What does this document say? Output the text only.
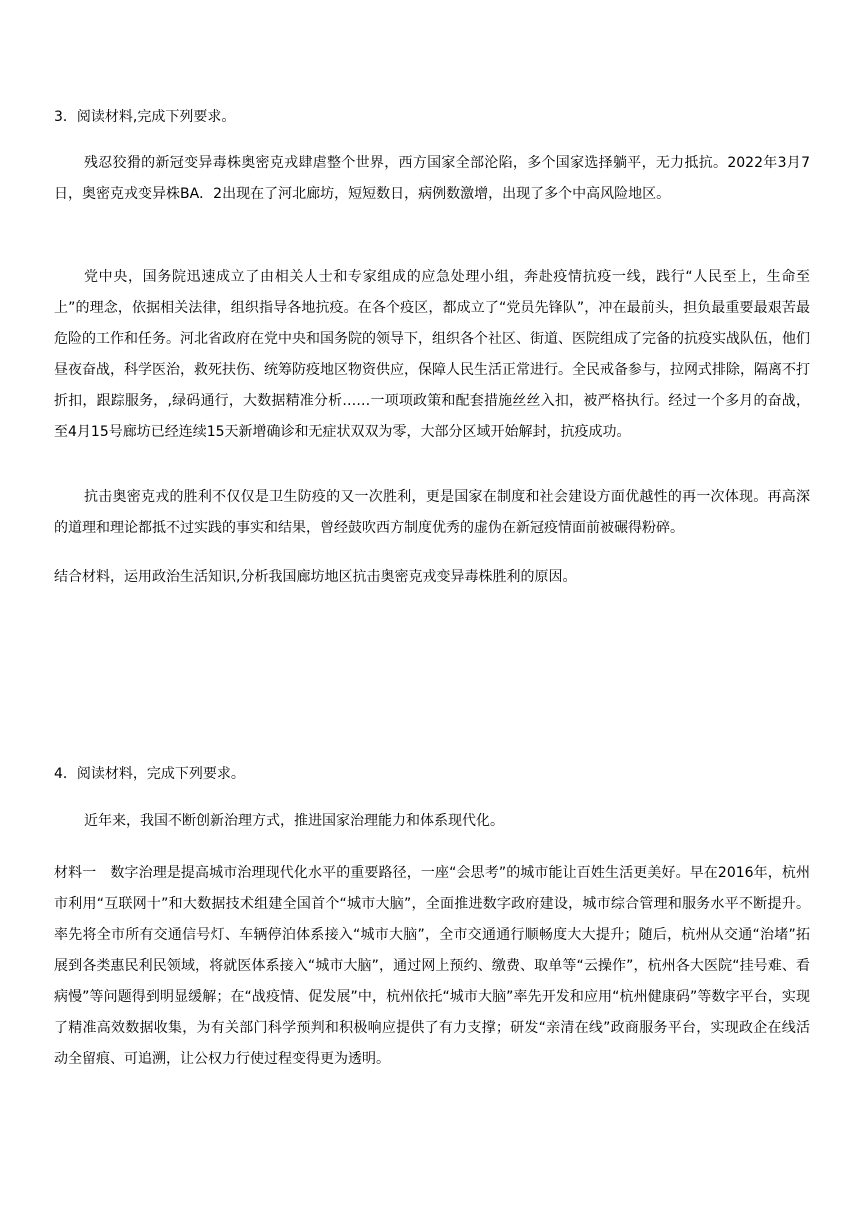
3．阅读材料,完成下列要求。

残忍狡猾的新冠变异毒株奥密克戎肆虐整个世界，西方国家全部沦陷，多个国家选择躺平，无力抵抗。2022年3月7日，奥密克戎变异株BA．2出现在了河北廊坊，短短数日，病例数激增，出现了多个中高风险地区。

党中央，国务院迅速成立了由相关人士和专家组成的应急处理小组，奔赴疫情抗疫一线，践行“人民至上，生命至上”的理念，依据相关法律，组织指导各地抗疫。在各个疫区，都成立了“党员先锋队”，冲在最前头，担负最重要最艰苦最危险的工作和任务。河北省政府在党中央和国务院的领导下，组织各个社区、街道、医院组成了完备的抗疫实战队伍，他们昼夜奋战，科学医治，救死扶伤、统筹防疫地区物资供应，保障人民生活正常进行。全民戒备参与，拉网式排除，隔离不打折扣，跟踪服务，,绿码通行，大数据精准分析……一项项政策和配套措施丝丝入扣，被严格执行。经过一个多月的奋战，至4月15号廊坊已经连续15天新增确诊和无症状双双为零，大部分区域开始解封，抗疫成功。

抗击奥密克戎的胜利不仅仅是卫生防疫的又一次胜利，更是国家在制度和社会建设方面优越性的再一次体现。再高深的道理和理论都抵不过实践的事实和结果，曾经鼓吹西方制度优秀的虚伪在新冠疫情面前被碾得粉碎。

结合材料，运用政治生活知识,分析我国廊坊地区抗击奥密克戎变异毒株胜利的原因。

4．阅读材料，完成下列要求。

近年来，我国不断创新治理方式，推进国家治理能力和体系现代化。

材料一 数字治理是提高城市治理现代化水平的重要路径，一座“会思考”的城市能让百姓生活更美好。早在2016年，杭州市利用“互联网十”和大数据技术组建全国首个“城市大脑”，全面推进数字政府建设，城市综合管理和服务水平不断提升。率先将全市所有交通信号灯、车辆停泊体系接入“城市大脑”，全市交通通行顺畅度大大提升；随后，杭州从交通“治堵”拓展到各类惠民利民领域，将就医体系接入“城市大脑”，通过网上预约、缴费、取单等“云操作”，杭州各大医院“挂号难、看病慢”等问题得到明显缓解；在“战疫情、促发展”中，杭州依托“城市大脑”率先开发和应用“杭州健康码”等数字平台，实现了精准高效数据收集，为有关部门科学预判和积极响应提供了有力支撑；研发“亲清在线”政商服务平台，实现政企在线活动全留痕、可追溯，让公权力行使过程变得更为透明。
